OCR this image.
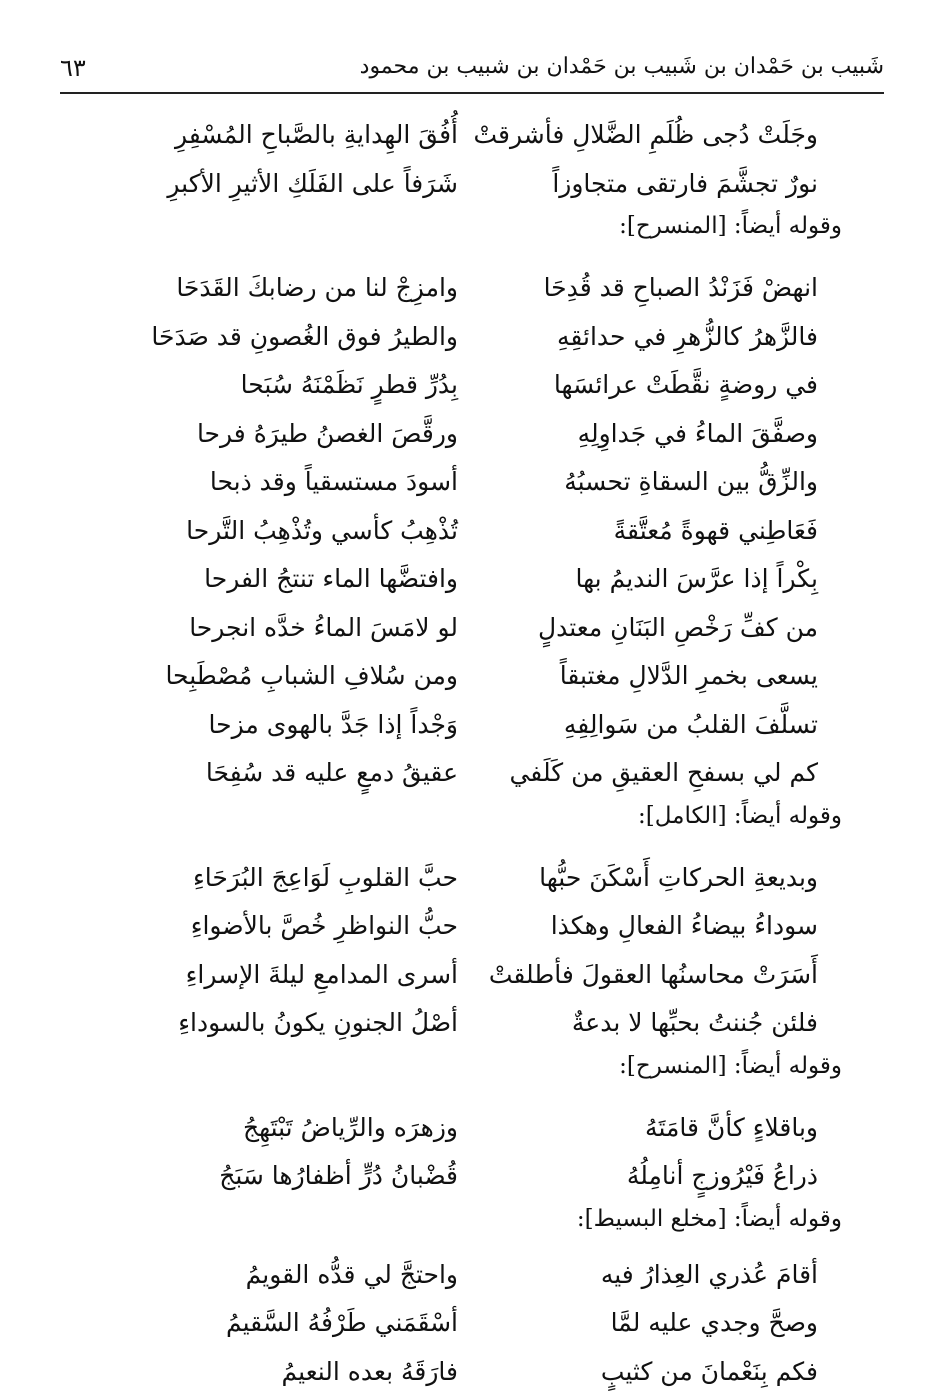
شَبيب بن حَمْدان بن شَبيب بن حَمْدان بن شبيب بن محمود
٦٣
وجَلَتْ دُجى ظُلَمِ الضَّلالِ فأشرقتْ
أُفُقَ الهِدايةِ بالصَّباحِ المُسْفِرِ
نورٌ تجشَّمَ فارتقى متجاوزاً
شَرَفاً على الفَلَكِ الأثيرِ الأكبرِ
وقوله أيضاً: [المنسرح]:
انهضْ فَزَنْدُ الصباحِ قد قُدِحَا
وامزِجْ لنا من رضابكَ القَدَحَا
فالزَّهرُ كالزُّهرِ في حدائقِهِ
والطيرُ فوق الغُصونِ قد صَدَحَا
في روضةٍ نقَّطَتْ عرائسَها
بِدُرِّ قطرٍ نَظَمْنَهُ سُبَحا
وصفَّقَ الماءُ في جَداوِلِهِ
ورقَّصَ الغصنُ طيرَهُ فرحا
والزِّقُّ بين السقاةِ تحسبُهُ
أسودَ مستسقياً وقد ذبحا
فَعَاطِني قهوةً مُعتَّقةً
تُذْهِبُ كأسي وتُذْهِبُ التَّرحا
بِكْراً إذا عرَّسَ النديمُ بها
وافتضَّها الماء تنتجُ الفرحا
من كفِّ رَخْصِ البَنَانِ معتدلٍ
لو لامَسَ الماءُ خدَّه انجرحا
يسعى بخمرِ الدَّلالِ مغتبقاً
ومن سُلافِ الشبابِ مُصْطَبِحا
تسلَّفَ القلبُ من سَوالِفِهِ
وَجْداً إذا جَدَّ بالهوى مزحا
كم لي بسفحِ العقيقِ من كَلَفي
عقيقُ دمعٍ عليه قد سُفِحَا
وقوله أيضاً: [الكامل]:
وبديعةِ الحركاتِ أَسْكَنَ حبُّها
حبَّ القلوبِ لَوَاعِجَ البُرَحَاءِ
سوداءُ بيضاءُ الفعالِ وهكذا
حبُّ النواظرِ خُصَّ بالأضواءِ
أَسَرَتْ محاسنُها العقولَ فأطلقتْ
أسرى المدامعِ ليلةَ الإسراءِ
فلئن جُننتُ بحبِّها لا بدعةٌ
أصْلُ الجنونِ يكونُ بالسوداءِ
وقوله أيضاً: [المنسرح]:
وباقلاءٍ كأنَّ قامَتَهُ
وزهرَه والرِّياضُ تَبْتَهِجُ
ذراعُ فَيْرُوزجٍ أنامِلُهُ
قُضْبانُ دُرٍّ أظفارُها سَبَجُ
وقوله أيضاً: [مخلع البسيط]:
أقامَ عُذري العِذارُ فيه
واحتجَّ لي قدُّه القويمُ
وصحَّ وجدي عليه لمَّا
أسْقَمَني طَرْفُهُ السَّقيمُ
فكم بِنَعْمانَ من كثيبٍ
فارَقَهُ بعده النعيمُ
